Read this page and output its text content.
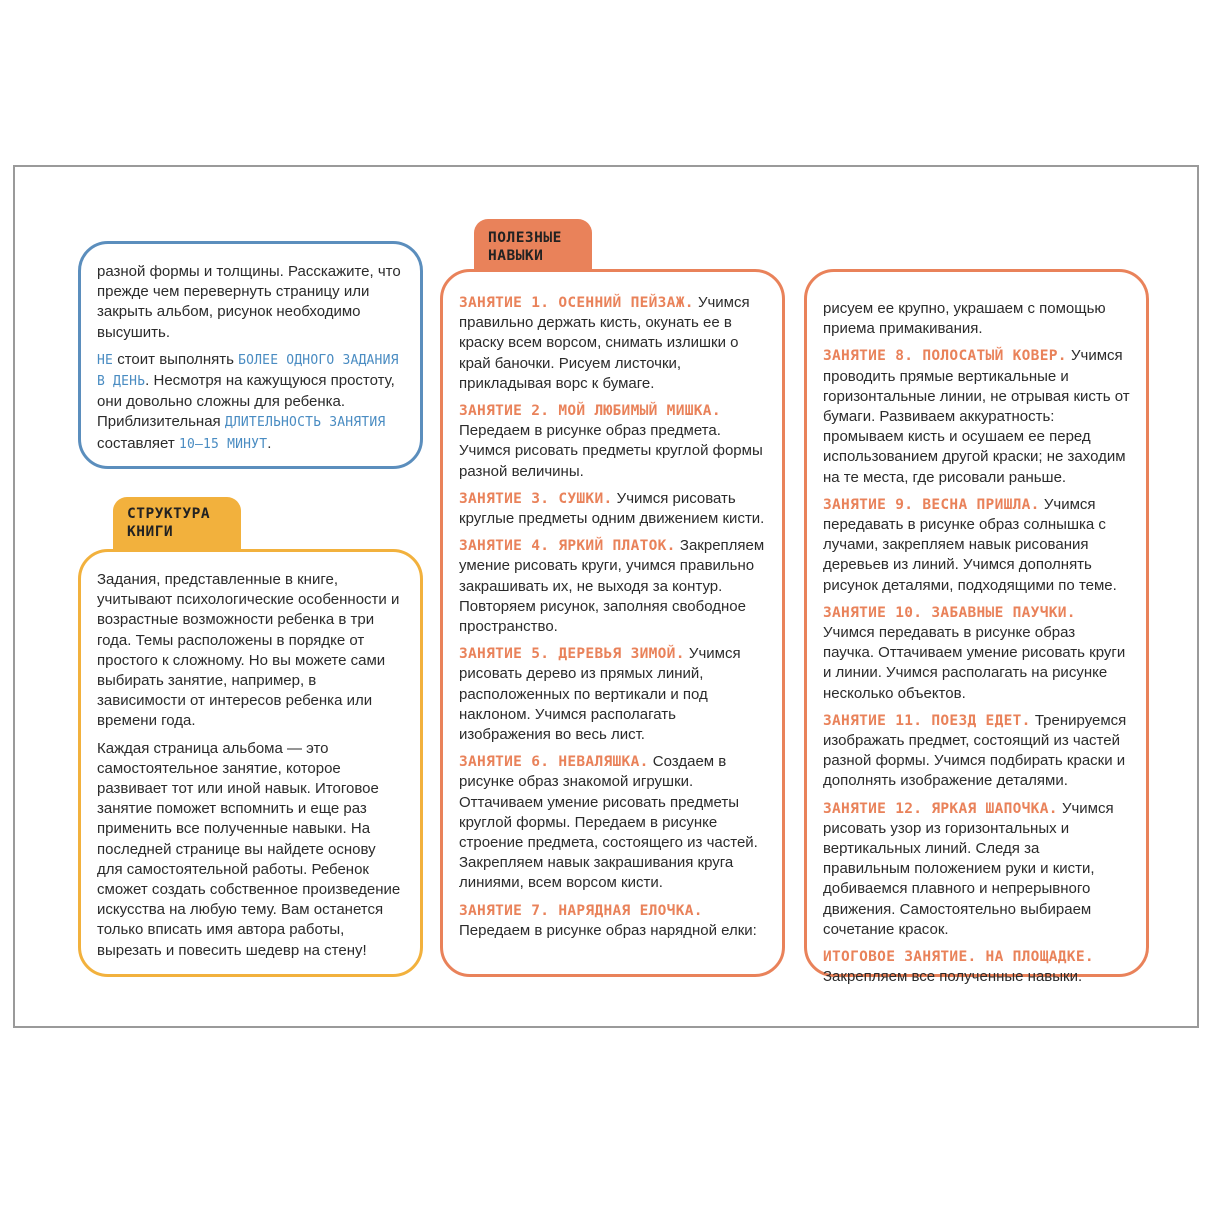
разной формы и толщины. Расскажите, что прежде чем перевернуть страницу или закрыть альбом, рисунок необходимо высушить.

НЕ стоит выполнять БОЛЕЕ ОДНОГО ЗАДАНИЯ В ДЕНЬ. Несмотря на кажущуюся простоту, они довольно сложны для ребенка. Приблизительная ДЛИТЕЛЬНОСТЬ ЗАНЯТИЯ составляет 10–15 МИНУТ.

СТРУКТУРА
КНИГИ

Задания, представленные в книге, учитывают психологические особенности и возрастные возможности ребенка в три года. Темы расположены в порядке от простого к сложному. Но вы можете сами выбирать занятие, например, в зависимости от интересов ребенка или времени года.

Каждая страница альбома — это самостоятельное занятие, которое развивает тот или иной навык. Итоговое занятие поможет вспомнить и еще раз применить все полученные навыки. На последней странице вы найдете основу для самостоятельной работы. Ребенок сможет создать собственное произведение искусства на любую тему. Вам останется только вписать имя автора работы, вырезать и повесить шедевр на стену!

ПОЛЕЗНЫЕ
НАВЫКИ

ЗАНЯТИЕ 1. ОСЕННИЙ ПЕЙЗАЖ. Учимся правильно держать кисть, окунать ее в краску всем ворсом, снимать излишки о край баночки. Рисуем листочки, прикладывая ворс к бумаге.

ЗАНЯТИЕ 2. МОЙ ЛЮБИМЫЙ МИШКА. Передаем в рисунке образ предмета. Учимся рисовать предметы круглой формы разной величины.

ЗАНЯТИЕ 3. СУШКИ. Учимся рисовать круглые предметы одним движением кисти.

ЗАНЯТИЕ 4. ЯРКИЙ ПЛАТОК. Закрепляем умение рисовать круги, учимся правильно закрашивать их, не выходя за контур. Повторяем рисунок, заполняя свободное пространство.

ЗАНЯТИЕ 5. ДЕРЕВЬЯ ЗИМОЙ. Учимся рисовать дерево из прямых линий, расположенных по вертикали и под наклоном. Учимся располагать изображения во весь лист.

ЗАНЯТИЕ 6. НЕВАЛЯШКА. Создаем в рисунке образ знакомой игрушки. Оттачиваем умение рисовать предметы круглой формы. Передаем в рисунке строение предмета, состоящего из частей. Закрепляем навык закрашивания круга линиями, всем ворсом кисти.

ЗАНЯТИЕ 7. НАРЯДНАЯ ЕЛОЧКА. Передаем в рисунке образ нарядной елки:

рисуем ее крупно, украшаем с помощью приема примакивания.

ЗАНЯТИЕ 8. ПОЛОСАТЫЙ КОВЕР. Учимся проводить прямые вертикальные и горизонтальные линии, не отрывая кисть от бумаги. Развиваем аккуратность: промываем кисть и осушаем ее перед использованием другой краски; не заходим на те места, где рисовали раньше.

ЗАНЯТИЕ 9. ВЕСНА ПРИШЛА. Учимся передавать в рисунке образ солнышка с лучами, закрепляем навык рисования деревьев из линий. Учимся дополнять рисунок деталями, подходящими по теме.

ЗАНЯТИЕ 10. ЗАБАВНЫЕ ПАУЧКИ. Учимся передавать в рисунке образ паучка. Оттачиваем умение рисовать круги и линии. Учимся располагать на рисунке несколько объектов.

ЗАНЯТИЕ 11. ПОЕЗД ЕДЕТ. Тренируемся изображать предмет, состоящий из частей разной формы. Учимся подбирать краски и дополнять изображение деталями.

ЗАНЯТИЕ 12. ЯРКАЯ ШАПОЧКА. Учимся рисовать узор из горизонтальных и вертикальных линий. Следя за правильным положением руки и кисти, добиваемся плавного и непрерывного движения. Самостоятельно выбираем сочетание красок.

ИТОГОВОЕ ЗАНЯТИЕ. НА ПЛОЩАДКЕ. Закрепляем все полученные навыки.
